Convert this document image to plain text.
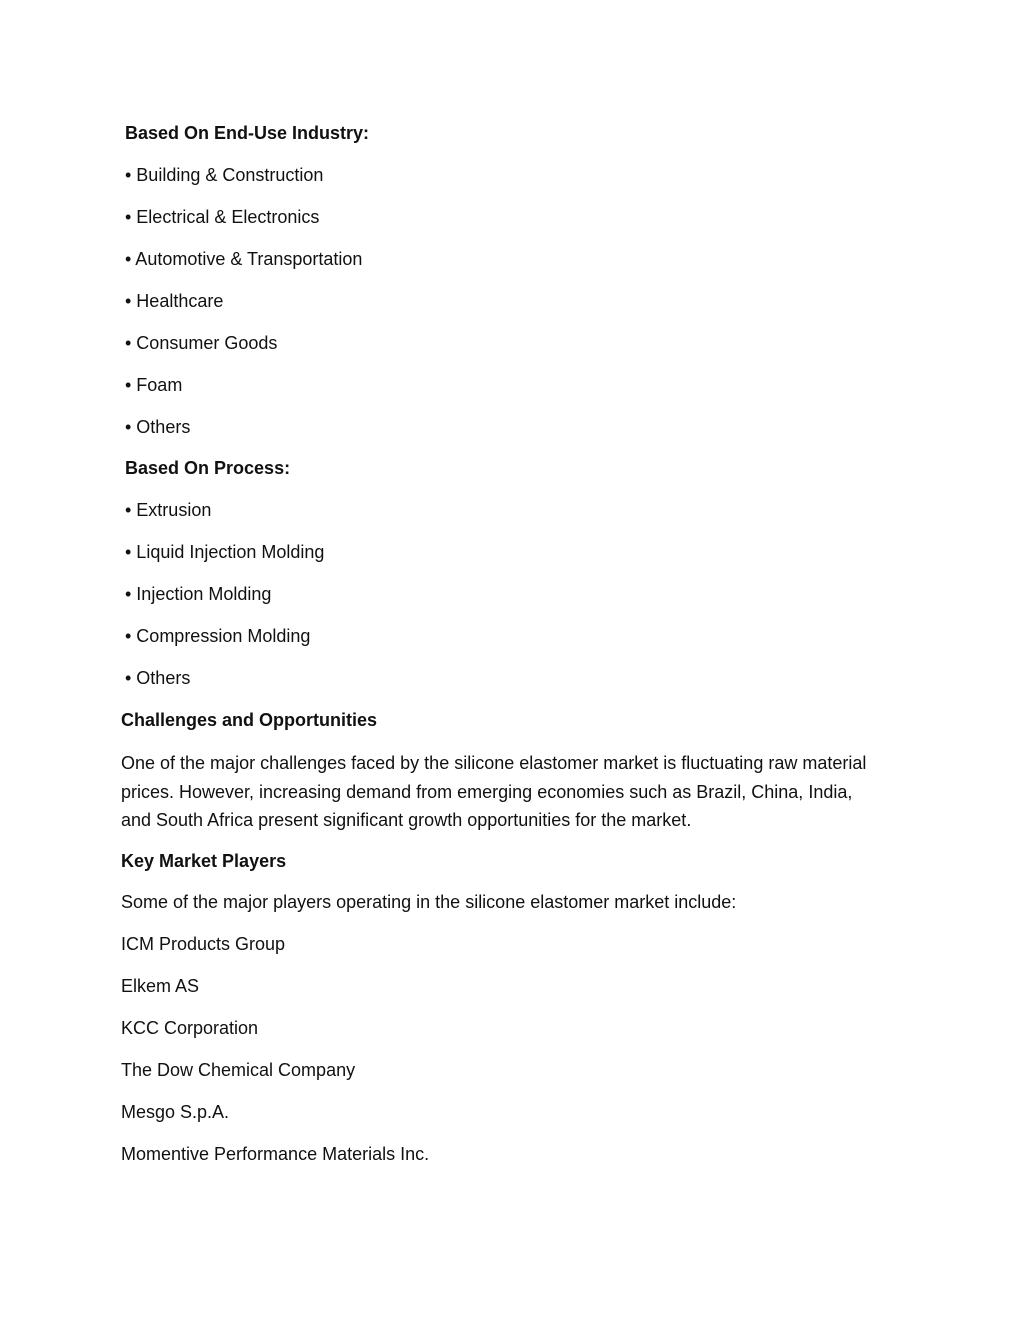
Based On End-Use Industry:
• Building & Construction
• Electrical & Electronics
• Automotive & Transportation
• Healthcare
• Consumer Goods
• Foam
• Others
Based On Process:
• Extrusion
• Liquid Injection Molding
• Injection Molding
• Compression Molding
• Others
Challenges and Opportunities
One of the major challenges faced by the silicone elastomer market is fluctuating raw material prices. However, increasing demand from emerging economies such as Brazil, China, India, and South Africa present significant growth opportunities for the market.
Key Market Players
Some of the major players operating in the silicone elastomer market include:
ICM Products Group
Elkem AS
KCC Corporation
The Dow Chemical Company
Mesgo S.p.A.
Momentive Performance Materials Inc.
